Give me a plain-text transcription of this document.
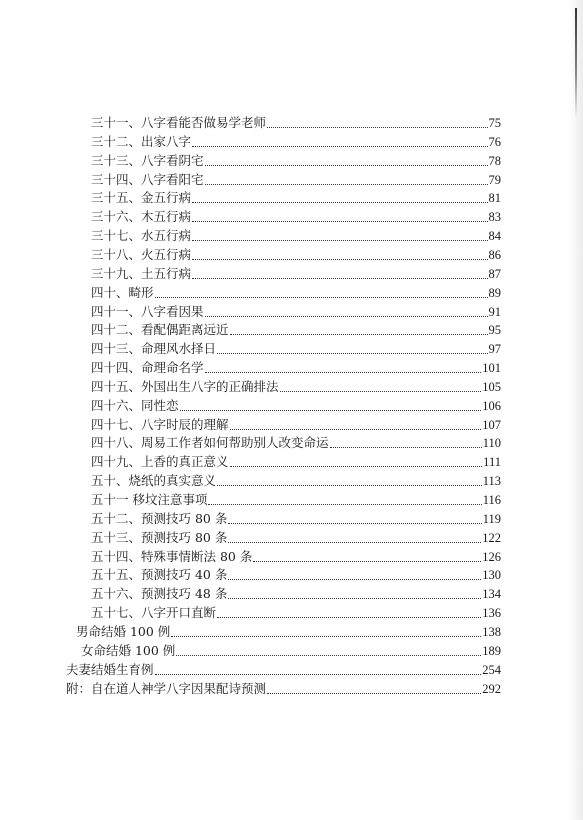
三十一、八字看能否做易学老师	75
三十二、出家八字	76
三十三、八字看阴宅	78
三十四、八字看阳宅	79
三十五、金五行病	81
三十六、木五行病	83
三十七、水五行病	84
三十八、火五行病	86
三十九、土五行病	87
四十、畸形	89
四十一、八字看因果	91
四十二、看配偶距离远近	95
四十三、命理风水择日	97
四十四、命理命名学	101
四十五、外国出生八字的正确排法	105
四十六、同性恋	106
四十七、八字时辰的理解	107
四十八、周易工作者如何帮助别人改变命运	110
四十九、上香的真正意义	111
五十、烧纸的真实意义	113
五十一 移坟注意事项	116
五十二、预测技巧 80 条	119
五十三、预测技巧 80 条	122
五十四、特殊事情断法 80 条	126
五十五、预测技巧 40 条	130
五十六、预测技巧 48 条	134
五十七、八字开口直断	136
男命结婚 100 例	138
女命结婚 100 例	189
夫妻结婚生育例	254
附：自在道人神学八字因果配诗预测	292
